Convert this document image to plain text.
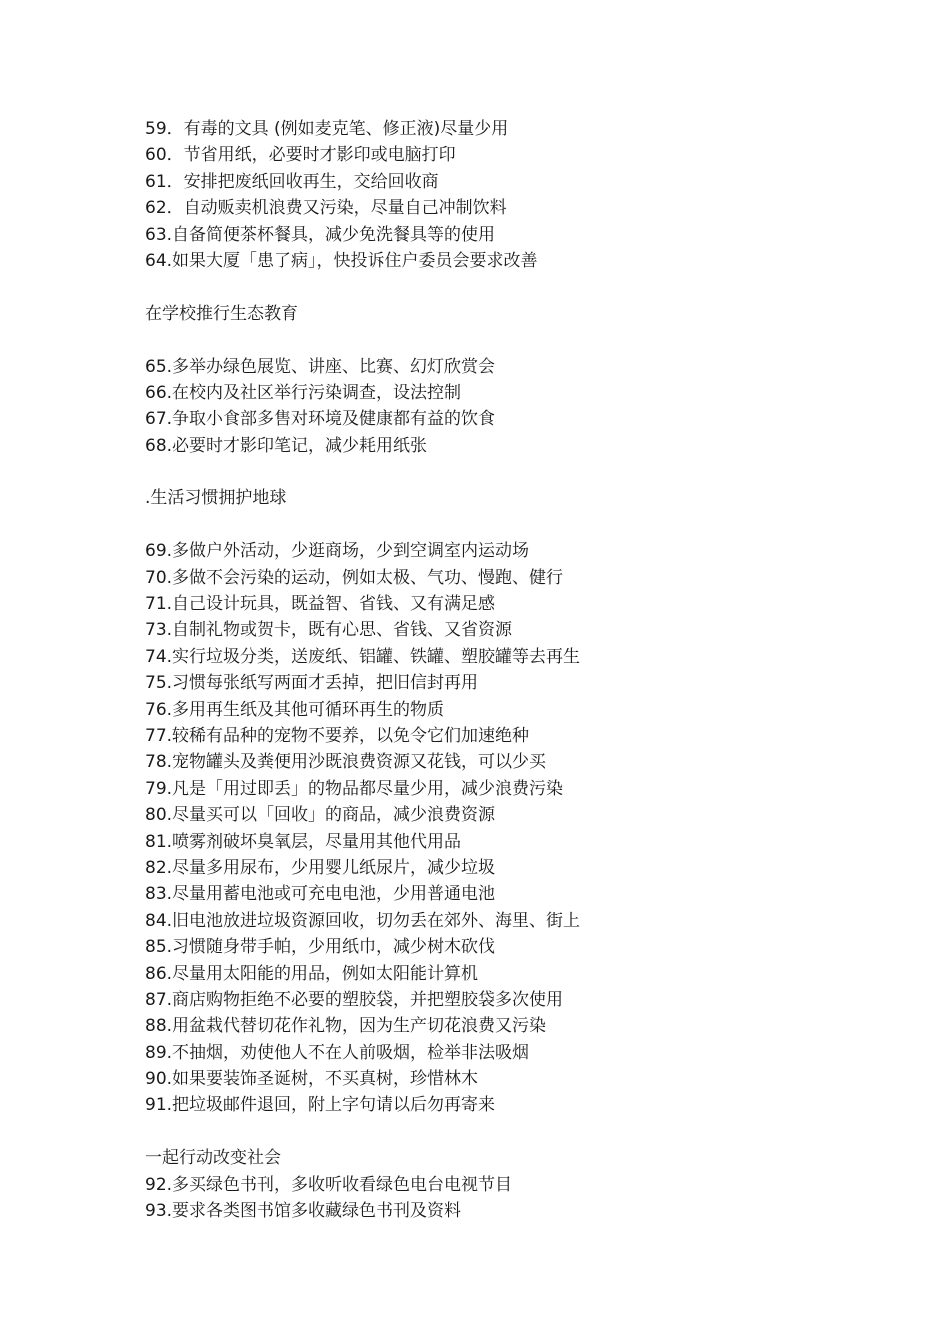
59．有毒的文具 (例如麦克笔、修正液)尽量少用
60．节省用纸，必要时才影印或电脑打印
61．安排把废纸回收再生，交给回收商
62．自动贩卖机浪费又污染，尽量自己冲制饮料
63.自备简便茶杯餐具，减少免洗餐具等的使用
64.如果大厦「患了病」，快投诉住户委员会要求改善
在学校推行生态教育
65.多举办绿色展览、讲座、比赛、幻灯欣赏会
66.在校内及社区举行污染调查，设法控制
67.争取小食部多售对环境及健康都有益的饮食
68.必要时才影印笔记，减少耗用纸张
.生活习惯拥护地球
69.多做户外活动，少逛商场，少到空调室内运动场
70.多做不会污染的运动，例如太极、气功、慢跑、健行
71.自己设计玩具，既益智、省钱、又有满足感
73.自制礼物或贺卡，既有心思、省钱、又省资源
74.实行垃圾分类，送废纸、铝罐、铁罐、塑胶罐等去再生
75.习惯每张纸写两面才丢掉，把旧信封再用
76.多用再生纸及其他可循环再生的物质
77.较稀有品种的宠物不要养，以免令它们加速绝种
78.宠物罐头及粪便用沙既浪费资源又花钱，可以少买
79.凡是「用过即丢」的物品都尽量少用，减少浪费污染
80.尽量买可以「回收」的商品，减少浪费资源
81.喷雾剂破坏臭氧层，尽量用其他代用品
82.尽量多用尿布，少用婴儿纸尿片，减少垃圾
83.尽量用蓄电池或可充电电池，少用普通电池
84.旧电池放进垃圾资源回收，切勿丢在郊外、海里、街上
85.习惯随身带手帕，少用纸巾，减少树木砍伐
86.尽量用太阳能的用品，例如太阳能计算机
87.商店购物拒绝不必要的塑胶袋，并把塑胶袋多次使用
88.用盆栽代替切花作礼物，因为生产切花浪费又污染
89.不抽烟，劝使他人不在人前吸烟，检举非法吸烟
90.如果要装饰圣诞树，不买真树，珍惜林木
91.把垃圾邮件退回，附上字句请以后勿再寄来
一起行动改变社会
92.多买绿色书刊，多收听收看绿色电台电视节目
93.要求各类图书馆多收藏绿色书刊及资料
